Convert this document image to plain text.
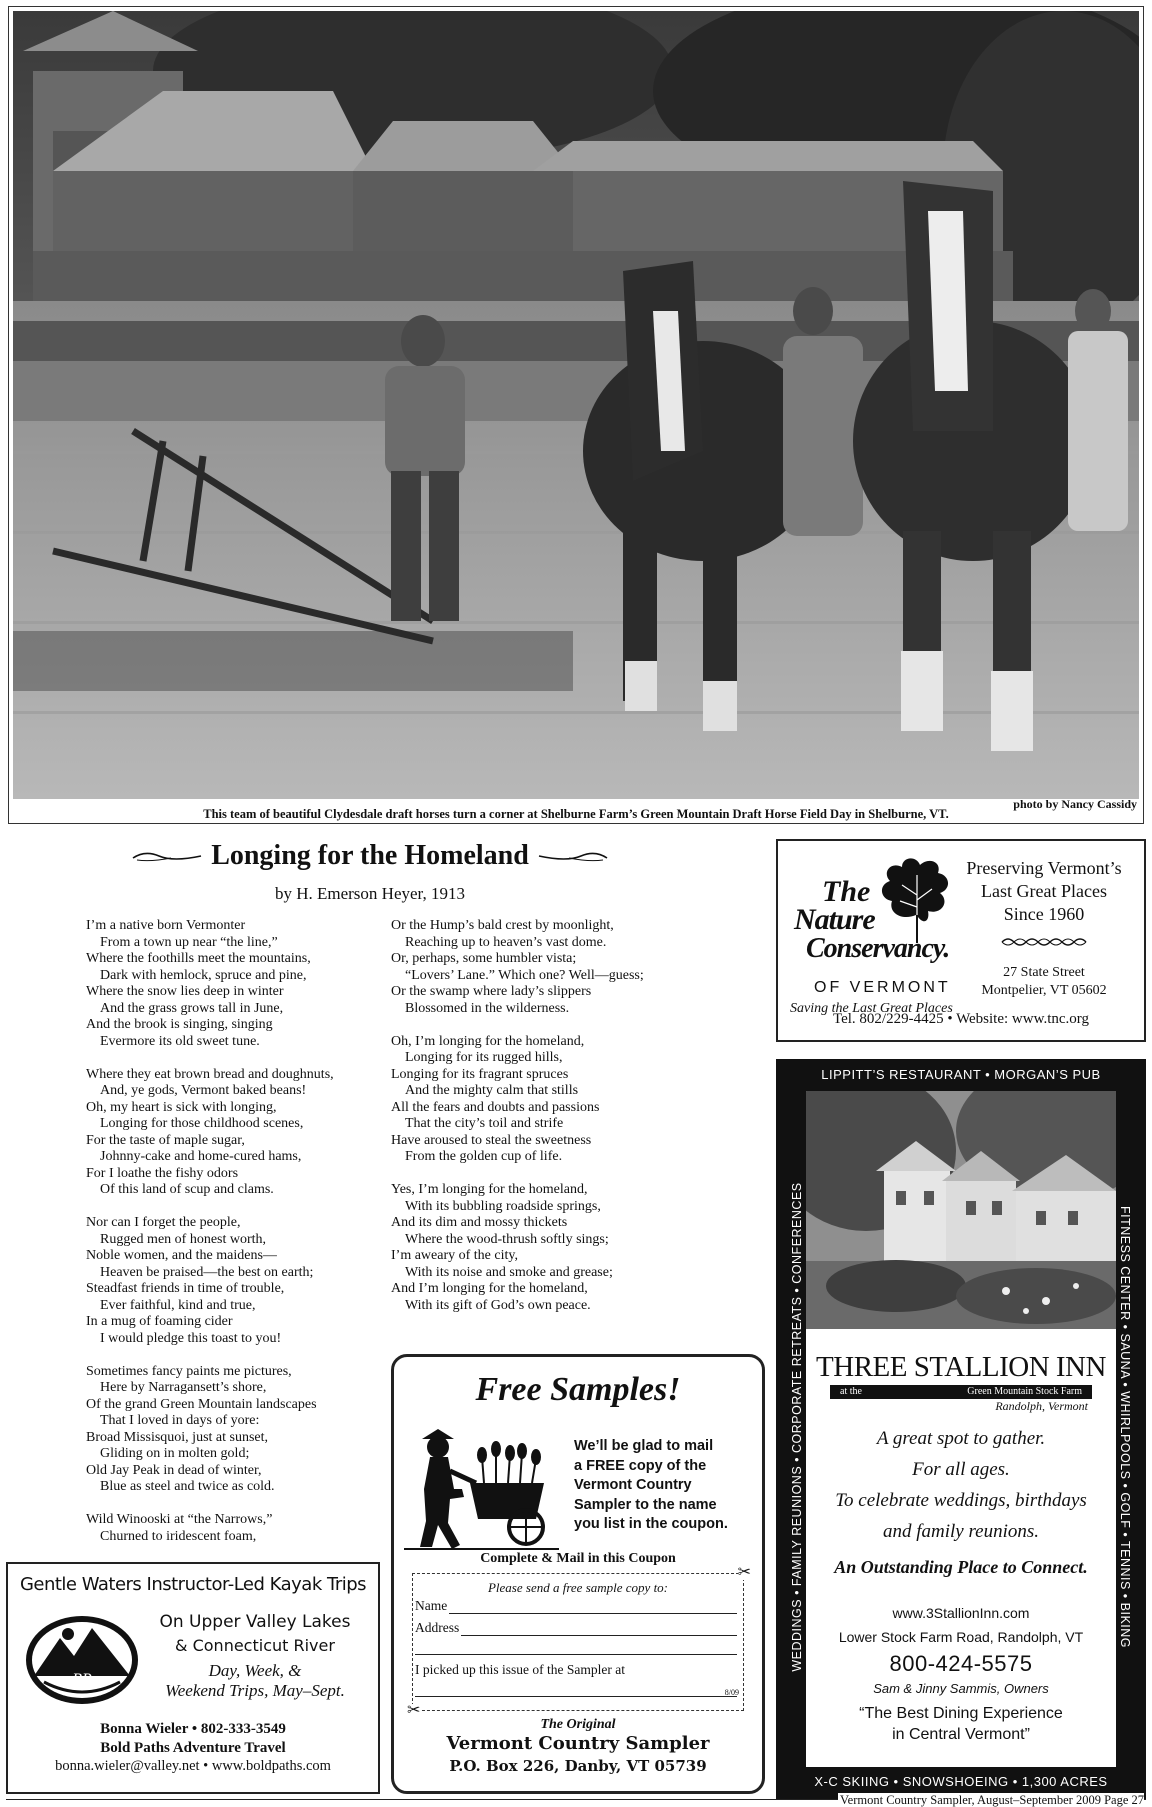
photo by Nancy Cassidy
This team of beautiful Clydesdale draft horses turn a corner at Shelburne Farm’s Green Mountain Draft Horse Field Day in Shelburne, VT.
Longing for the Homeland
by H. Emerson Heyer, 1913
I’m a native born Vermonter
From a town up near “the line,”
Where the foothills meet the mountains,
Dark with hemlock, spruce and pine,
Where the snow lies deep in winter
And the grass grows tall in June,
And the brook is singing, singing
Evermore its old sweet tune.
Where they eat brown bread and doughnuts,
And, ye gods, Vermont baked beans!
Oh, my heart is sick with longing,
Longing for those childhood scenes,
For the taste of maple sugar,
Johnny-cake and home-cured hams,
For I loathe the fishy odors
Of this land of scup and clams.
Nor can I forget the people,
Rugged men of honest worth,
Noble women, and the maidens—
Heaven be praised—the best on earth;
Steadfast friends in time of trouble,
Ever faithful, kind and true,
In a mug of foaming cider
I would pledge this toast to you!
Sometimes fancy paints me pictures,
Here by Narragansett’s shore,
Of the grand Green Mountain landscapes
That I loved in days of yore:
Broad Missisquoi, just at sunset,
Gliding on in molten gold;
Old Jay Peak in dead of winter,
Blue as steel and twice as cold.
Wild Winooski at “the Narrows,”
Churned to iridescent foam,
Or the Hump’s bald crest by moonlight,
Reaching up to heaven’s vast dome.
Or, perhaps, some humbler vista;
“Lovers’ Lane.” Which one? Well—guess;
Or the swamp where lady’s slippers
Blossomed in the wilderness.
Oh, I’m longing for the homeland,
Longing for its rugged hills,
Longing for its fragrant spruces
And the mighty calm that stills
All the fears and doubts and passions
That the city’s toil and strife
Have aroused to steal the sweetness
From the golden cup of life.
Yes, I’m longing for the homeland,
With its bubbling roadside springs,
And its dim and mossy thickets
Where the wood-thrush softly sings;
I’m aweary of the city,
With its noise and smoke and grease;
And I’m longing for the homeland,
With its gift of God’s own peace.
The
Nature
Conservancy.
OF VERMONT
Saving the Last Great Places
Preserving Vermont’s
Last Great Places
Since 1960
27 State Street
Montpelier, VT 05602
Tel. 802/229-4425 • Website: www.tnc.org
LIPPITT’S RESTAURANT • MORGAN’S PUB
WEDDINGS • FAMILY REUNIONS • CORPORATE RETREATS • CONFERENCES	FITNESS CENTER • SAUNA • WHIRLPOOLS • GOLF • TENNIS • BIKING
THREE STALLION INN
at the	Green Mountain Stock Farm
Randolph, Vermont
A great spot to gather.
For all ages.
To celebrate weddings, birthdays
and family reunions.
An Outstanding Place to Connect.
www.3StallionInn.com
Lower Stock Farm Road, Randolph, VT
800-424-5575
Sam & Jinny Sammis, Owners
“The Best Dining Experience
in Central Vermont”
X-C SKIING • SNOWSHOEING • 1,300 ACRES
Free Samples!
We’ll be glad to mail
a FREE copy of the
Vermont Country
Sampler to the name
you list in the coupon.
Complete & Mail in this Coupon
✂
✂
Please send a free sample copy to:
Name
Address
I picked up this issue of the Sampler at
8/09
The Original
Vermont Country Sampler
P.O. Box 226, Danby, VT 05739
Gentle Waters Instructor-Led Kayak Trips
BP
On Upper Valley Lakes
& Connecticut River
Day, Week, &
Weekend Trips, May–Sept.
Bonna Wieler • 802-333-3549
Bold Paths Adventure Travel
bonna.wieler@valley.net • www.boldpaths.com
Vermont Country Sampler, August–September 2009 Page 27
